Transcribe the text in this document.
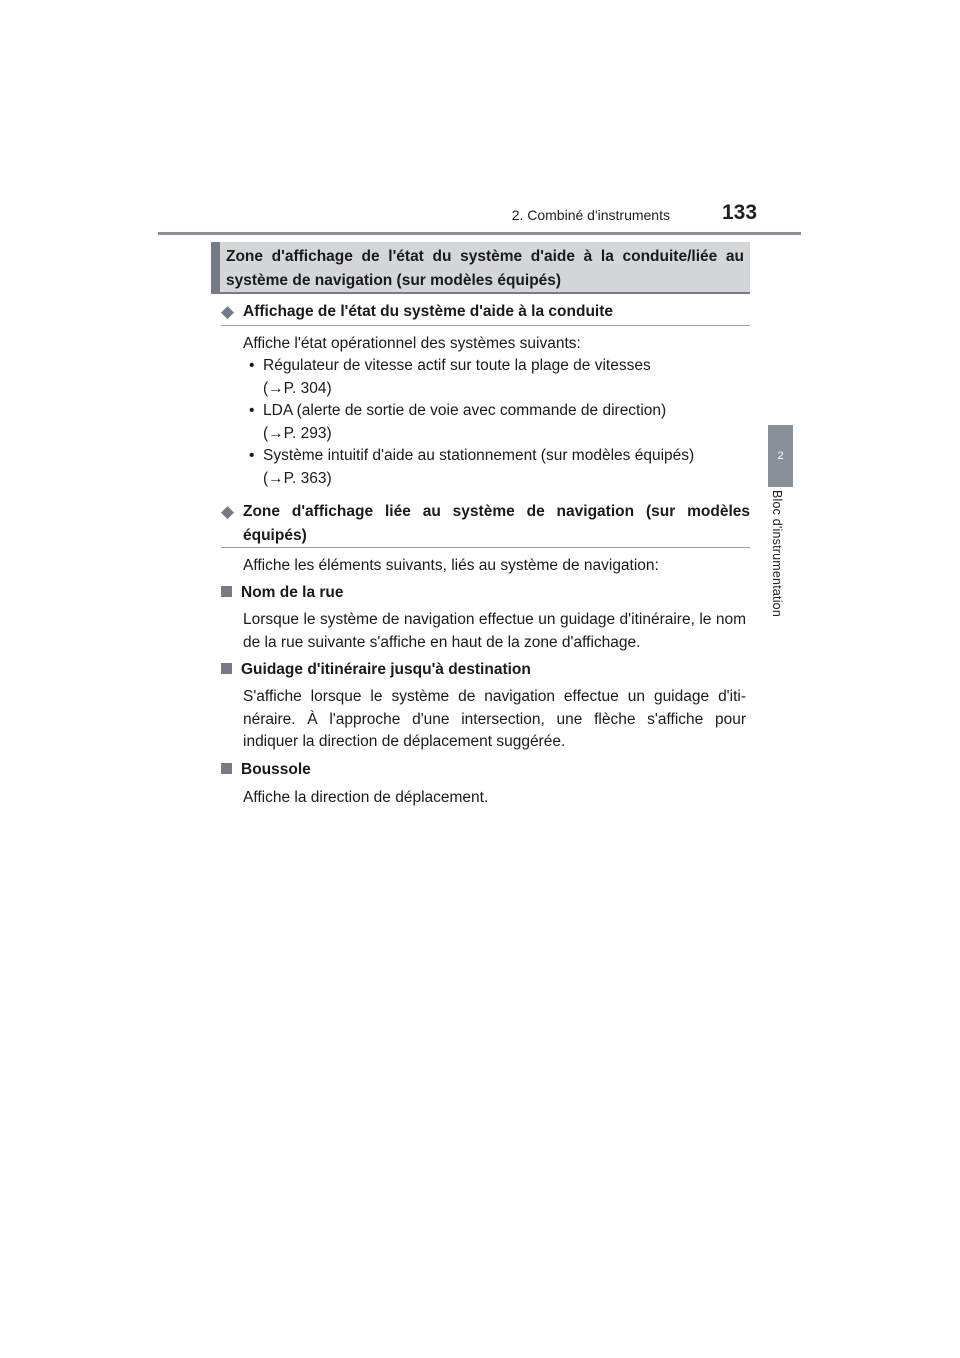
2. Combiné d'instruments 133
2
Bloc d'instrumentation
Zone d'affichage de l'état du système d'aide à la conduite/liée au système de navigation (sur modèles équipés)
◆ Affichage de l'état du système d'aide à la conduite
Affiche l'état opérationnel des systèmes suivants:
• Régulateur de vitesse actif sur toute la plage de vitesses
(→P. 304)
• LDA (alerte de sortie de voie avec commande de direction)
(→P. 293)
• Système intuitif d'aide au stationnement (sur modèles équipés)
(→P. 363)
◆ Zone d'affichage liée au système de navigation (sur modèles équipés)
Affiche les éléments suivants, liés au système de navigation:
Nom de la rue
Lorsque le système de navigation effectue un guidage d'itinéraire, le nom de la rue suivante s'affiche en haut de la zone d'affichage.
Guidage d'itinéraire jusqu'à destination
S'affiche lorsque le système de navigation effectue un guidage d'iti-néraire. À l'approche d'une intersection, une flèche s'affiche pour indiquer la direction de déplacement suggérée.
Boussole
Affiche la direction de déplacement.
